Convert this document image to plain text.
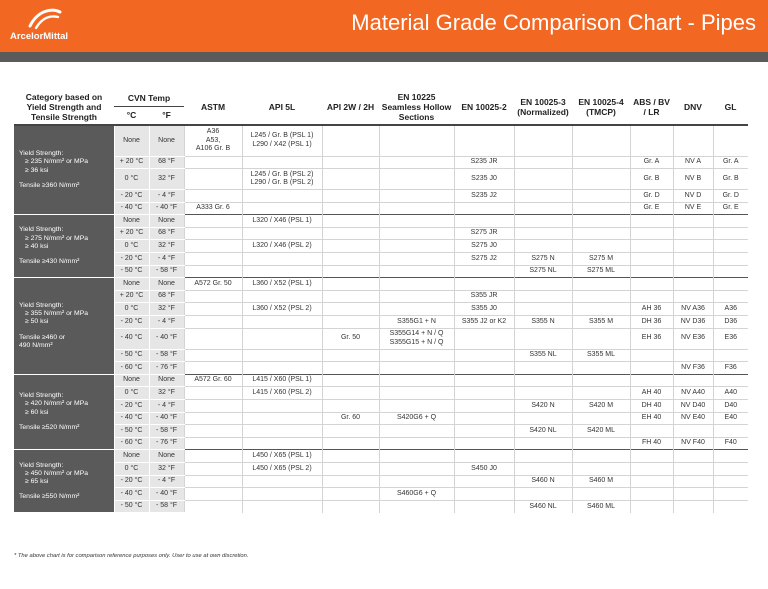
ArcelorMittal
Material Grade Comparison Chart - Pipes
Category based on Yield Strength and Tensile Strength	CVN Temp		ASTM	API 5L	API 2W / 2H	EN 10225 Seamless Hollow Sections	EN 10025-2	EN 10025-3 (Normalized)	EN 10025-4 (TMCP)	ABS / BV / LR	DNV	GL
	°C	°F										

Yield Strength:
≥ 235 N/mm² or MPa
≥ 36 ksi
Tensile ≥360 N/mm²	None	None	A36
A53,
A106 Gr. B	L245 / Gr. B (PSL 1)
L290 / X42 (PSL 1)								
	+ 20 °C	68 °F					S235 JR			Gr. A	NV A	Gr. A
	0 °C	32 °F		L245 / Gr. B (PSL 2)
L290 / Gr. B (PSL 2)			S235 J0			Gr. B	NV B	Gr. B
	- 20 °C	- 4 °F					S235 J2			Gr. D	NV D	Gr. D
	- 40 °C	- 40 °F	A333 Gr. 6							Gr. E	NV E	Gr. E

Yield Strength:
≥ 275 N/mm² or MPa
≥ 40 ksi
Tensile ≥430 N/mm²	None	None		L320 / X46 (PSL 1)								
	+ 20 °C	68 °F					S275 JR					
	0 °C	32 °F		L320 / X46 (PSL 2)			S275 J0					
	- 20 °C	- 4 °F					S275 J2	S275 N	S275 M			
	- 50 °C	- 58 °F						S275 NL	S275 ML			

Yield Strength:
≥ 355 N/mm² or MPa
≥ 50 ksi
Tensile ≥460 or
490 N/mm²	None	None	A572 Gr. 50	L360 / X52 (PSL 1)								
	+ 20 °C	68 °F					S355 JR					
	0 °C	32 °F		L360 / X52 (PSL 2)			S355 J0			AH 36	NV A36	A36
	- 20 °C	- 4 °F				S355G1 + N	S355 J2 or K2	S355 N	S355 M	DH 36	NV D36	D36
	- 40 °C	- 40 °F			Gr. 50	S355G14 + N / Q
S355G15 + N / Q				EH 36	NV E36	E36
	- 50 °C	- 58 °F						S355 NL	S355 ML			
	- 60 °C	- 76 °F									NV F36	F36

Yield Strength:
≥ 420 N/mm² or MPa
≥ 60 ksi
Tensile ≥520 N/mm²	None	None	A572 Gr. 60	L415 / X60 (PSL 1)								
	0 °C	32 °F		L415 / X60 (PSL 2)						AH 40	NV A40	A40
	- 20 °C	- 4 °F						S420 N	S420 M	DH 40	NV D40	D40
	- 40 °C	- 40 °F			Gr. 60	S420G6 + Q				EH 40	NV E40	E40
	- 50 °C	- 58 °F						S420 NL	S420 ML			
	- 60 °C	- 76 °F								FH 40	NV F40	F40

Yield Strength:
≥ 450 N/mm² or MPa
≥ 65 ksi
Tensile ≥550 N/mm²	None	None		L450 / X65 (PSL 1)								
	0 °C	32 °F		L450 / X65 (PSL 2)			S450 J0					
	- 20 °C	- 4 °F						S460 N	S460 M			
	- 40 °C	- 40 °F				S460G6 + Q						
	- 50 °C	- 58 °F						S460 NL	S460 ML			
* The above chart is for comparison reference purposes only. User to use at own discretion.
